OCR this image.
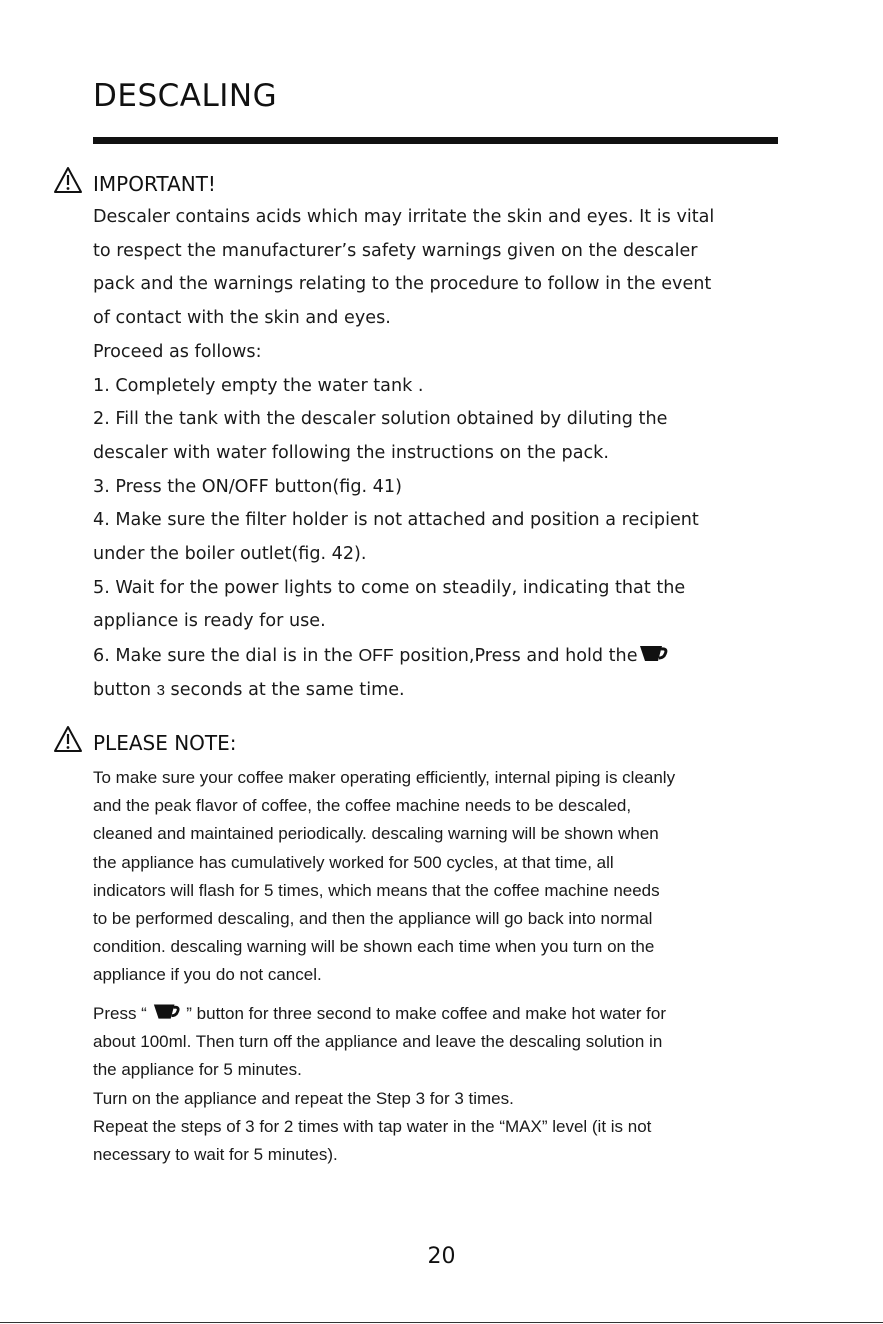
DESCALING
IMPORTANT!

Descaler contains acids which may irritate the skin and eyes. It is vital

to respect the manufacturer’s safety warnings given on the descaler

pack and the warnings relating to the procedure to follow in the event

of contact with the skin and eyes.

Proceed as follows:

1. Completely empty the water tank .

2. Fill the tank with the descaler solution obtained by diluting the

descaler with water following the instructions on the pack.

3. Press the ON/OFF button(fig. 41)

4. Make sure the filter holder is not attached and position a recipient

under the boiler outlet(fig. 42).

5. Wait for the power lights to come on steadily, indicating that the

appliance is ready for use.

6. Make sure the dial is in the OFF position,Press and hold the

button 3 seconds at the same time.

PLEASE NOTE:

To make sure your coffee maker operating efficiently, internal piping is cleanly

and the peak flavor of coffee, the coffee machine needs to be descaled,

cleaned and maintained periodically. descaling warning will be shown when

the appliance has cumulatively worked for 500 cycles, at that time, all

indicators will flash for 5 times, which means that the coffee machine needs

to be performed descaling, and then the appliance will go back into normal

condition. descaling warning will be shown each time when you turn on the

appliance if you do not cancel.

Press “  ” button for three second to make coffee and make hot water for

about 100ml. Then turn off the appliance and leave the descaling solution in

the appliance for 5 minutes.

Turn on the appliance and repeat the Step 3 for 3 times.

Repeat the steps of 3 for 2 times with tap water in the “MAX” level (it is not

necessary to wait for 5 minutes).

20
